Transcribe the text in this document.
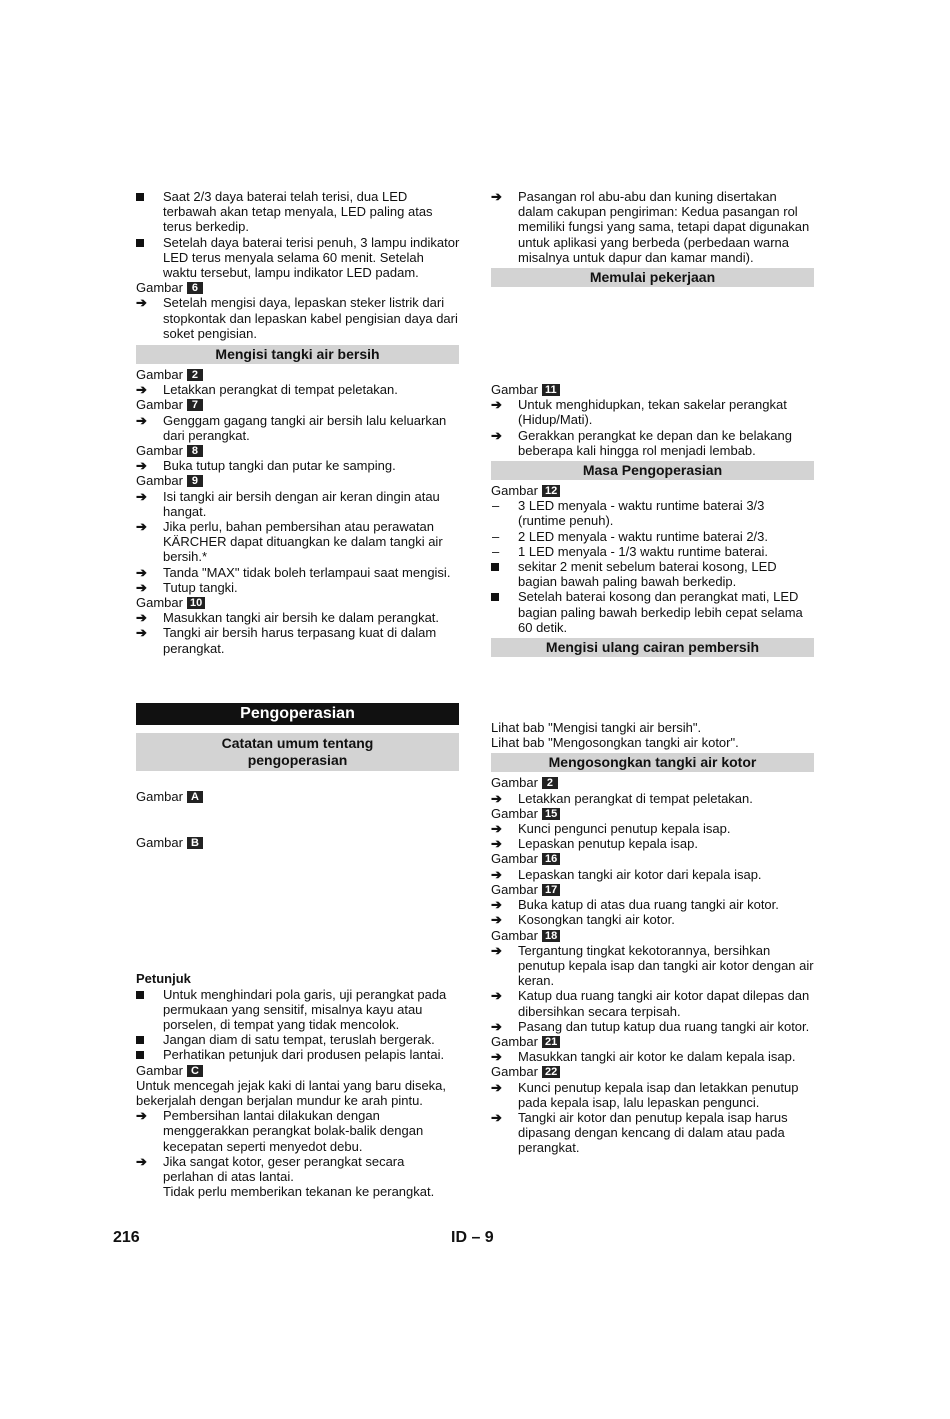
Saat 2/3 daya baterai telah terisi, dua LED
terbawah akan tetap menyala, LED paling atas
terus berkedip.
Setelah daya baterai terisi penuh, 3 lampu indikator
LED terus menyala selama 60 menit. Setelah
waktu tersebut, lampu indikator LED padam.
Gambar 6
➔	Setelah mengisi daya, lepaskan steker listrik dari
stopkontak dan lepaskan kabel pengisian daya dari
soket pengisian.
Mengisi tangki air bersih
Gambar 2
➔	Letakkan perangkat di tempat peletakan.
Gambar 7
➔	Genggam gagang tangki air bersih lalu keluarkan
dari perangkat.
Gambar 8
➔	Buka tutup tangki dan putar ke samping.
Gambar 9
➔	Isi tangki air bersih dengan air keran dingin atau
hangat.
➔	Jika perlu, bahan pembersihan atau perawatan
KÄRCHER dapat dituangkan ke dalam tangki air
bersih.*
➔	Tanda "MAX" tidak boleh terlampaui saat mengisi.
➔	Tutup tangki.
Gambar 10
➔	Masukkan tangki air bersih ke dalam perangkat.
➔	Tangki air bersih harus terpasang kuat di dalam
perangkat.
Pengoperasian
Catatan umum tentang
pengoperasian
Gambar A
Gambar B
Petunjuk
Untuk menghindari pola garis, uji perangkat pada
permukaan yang sensitif, misalnya kayu atau
porselen, di tempat yang tidak mencolok.
Jangan diam di satu tempat, teruslah bergerak.
Perhatikan petunjuk dari produsen pelapis lantai.
Gambar C
Untuk mencegah jejak kaki di lantai yang baru diseka,
bekerjalah dengan berjalan mundur ke arah pintu.
➔	Pembersihan lantai dilakukan dengan
menggerakkan perangkat bolak-balik dengan
kecepatan seperti menyedot debu.
➔	Jika sangat kotor, geser perangkat secara
perlahan di atas lantai.
Tidak perlu memberikan tekanan ke perangkat.
➔	Pasangan rol abu-abu dan kuning disertakan
dalam cakupan pengiriman: Kedua pasangan rol
memiliki fungsi yang sama, tetapi dapat digunakan
untuk aplikasi yang berbeda (perbedaan warna
misalnya untuk dapur dan kamar mandi).
Memulai pekerjaan
Gambar 11
➔	Untuk menghidupkan, tekan sakelar perangkat
(Hidup/Mati).
➔	Gerakkan perangkat ke depan dan ke belakang
beberapa kali hingga rol menjadi lembab.
Masa Pengoperasian
Gambar 12
–	3 LED menyala - waktu runtime baterai 3/3
(runtime penuh).
–	2 LED menyala - waktu runtime baterai 2/3.
–	1 LED menyala - 1/3 waktu runtime baterai.
sekitar 2 menit sebelum baterai kosong, LED
bagian bawah paling bawah berkedip.
Setelah baterai kosong dan perangkat mati, LED
bagian paling bawah berkedip lebih cepat selama
60 detik.
Mengisi ulang cairan pembersih
Lihat bab "Mengisi tangki air bersih".
Lihat bab "Mengosongkan tangki air kotor".
Mengosongkan tangki air kotor
Gambar 2
➔	Letakkan perangkat di tempat peletakan.
Gambar 15
➔	Kunci pengunci penutup kepala isap.
➔	Lepaskan penutup kepala isap.
Gambar 16
➔	Lepaskan tangki air kotor dari kepala isap.
Gambar 17
➔	Buka katup di atas dua ruang tangki air kotor.
➔	Kosongkan tangki air kotor.
Gambar 18
➔	Tergantung tingkat kekotorannya, bersihkan
penutup kepala isap dan tangki air kotor dengan air
keran.
➔	Katup dua ruang tangki air kotor dapat dilepas dan
dibersihkan secara terpisah.
➔	Pasang dan tutup katup dua ruang tangki air kotor.
Gambar 21
➔	Masukkan tangki air kotor ke dalam kepala isap.
Gambar 22
➔	Kunci penutup kepala isap dan letakkan penutup
pada kepala isap, lalu lepaskan pengunci.
➔	Tangki air kotor dan penutup kepala isap harus
dipasang dengan kencang di dalam atau pada
perangkat.
216	ID – 9
